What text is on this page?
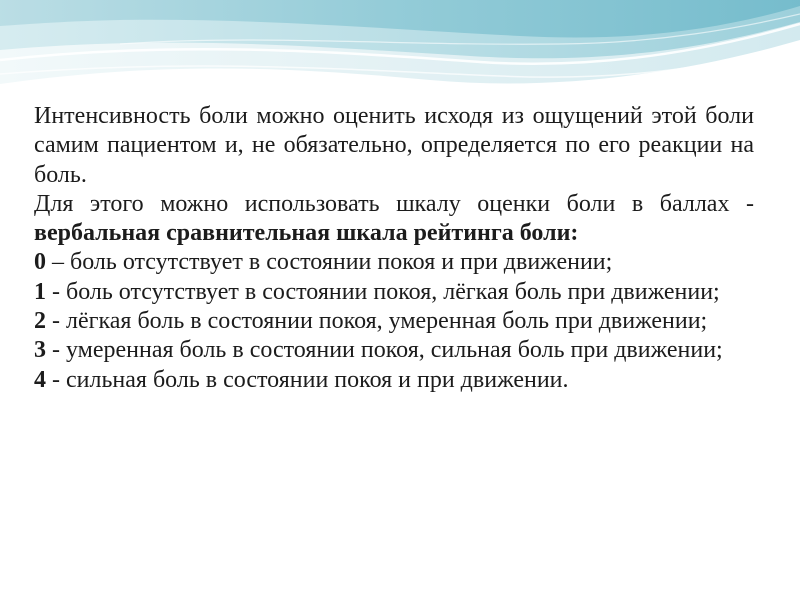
Интенсивность боли можно оценить исходя из ощущений этой боли самим пациентом и, не обязательно, определяется по его реакции на боль.

Для этого можно использовать шкалу оценки боли в баллах - вербальная сравнительная шкала рейтинга боли:

0 – боль отсутствует в состоянии покоя и при движении;

1 - боль отсутствует в состоянии покоя, лёгкая боль при движении;

2 - лёгкая боль в состоянии покоя, умеренная боль при движении;

3 - умеренная боль в состоянии покоя, сильная боль при движении;

4 - сильная боль в состоянии покоя и при движении.
